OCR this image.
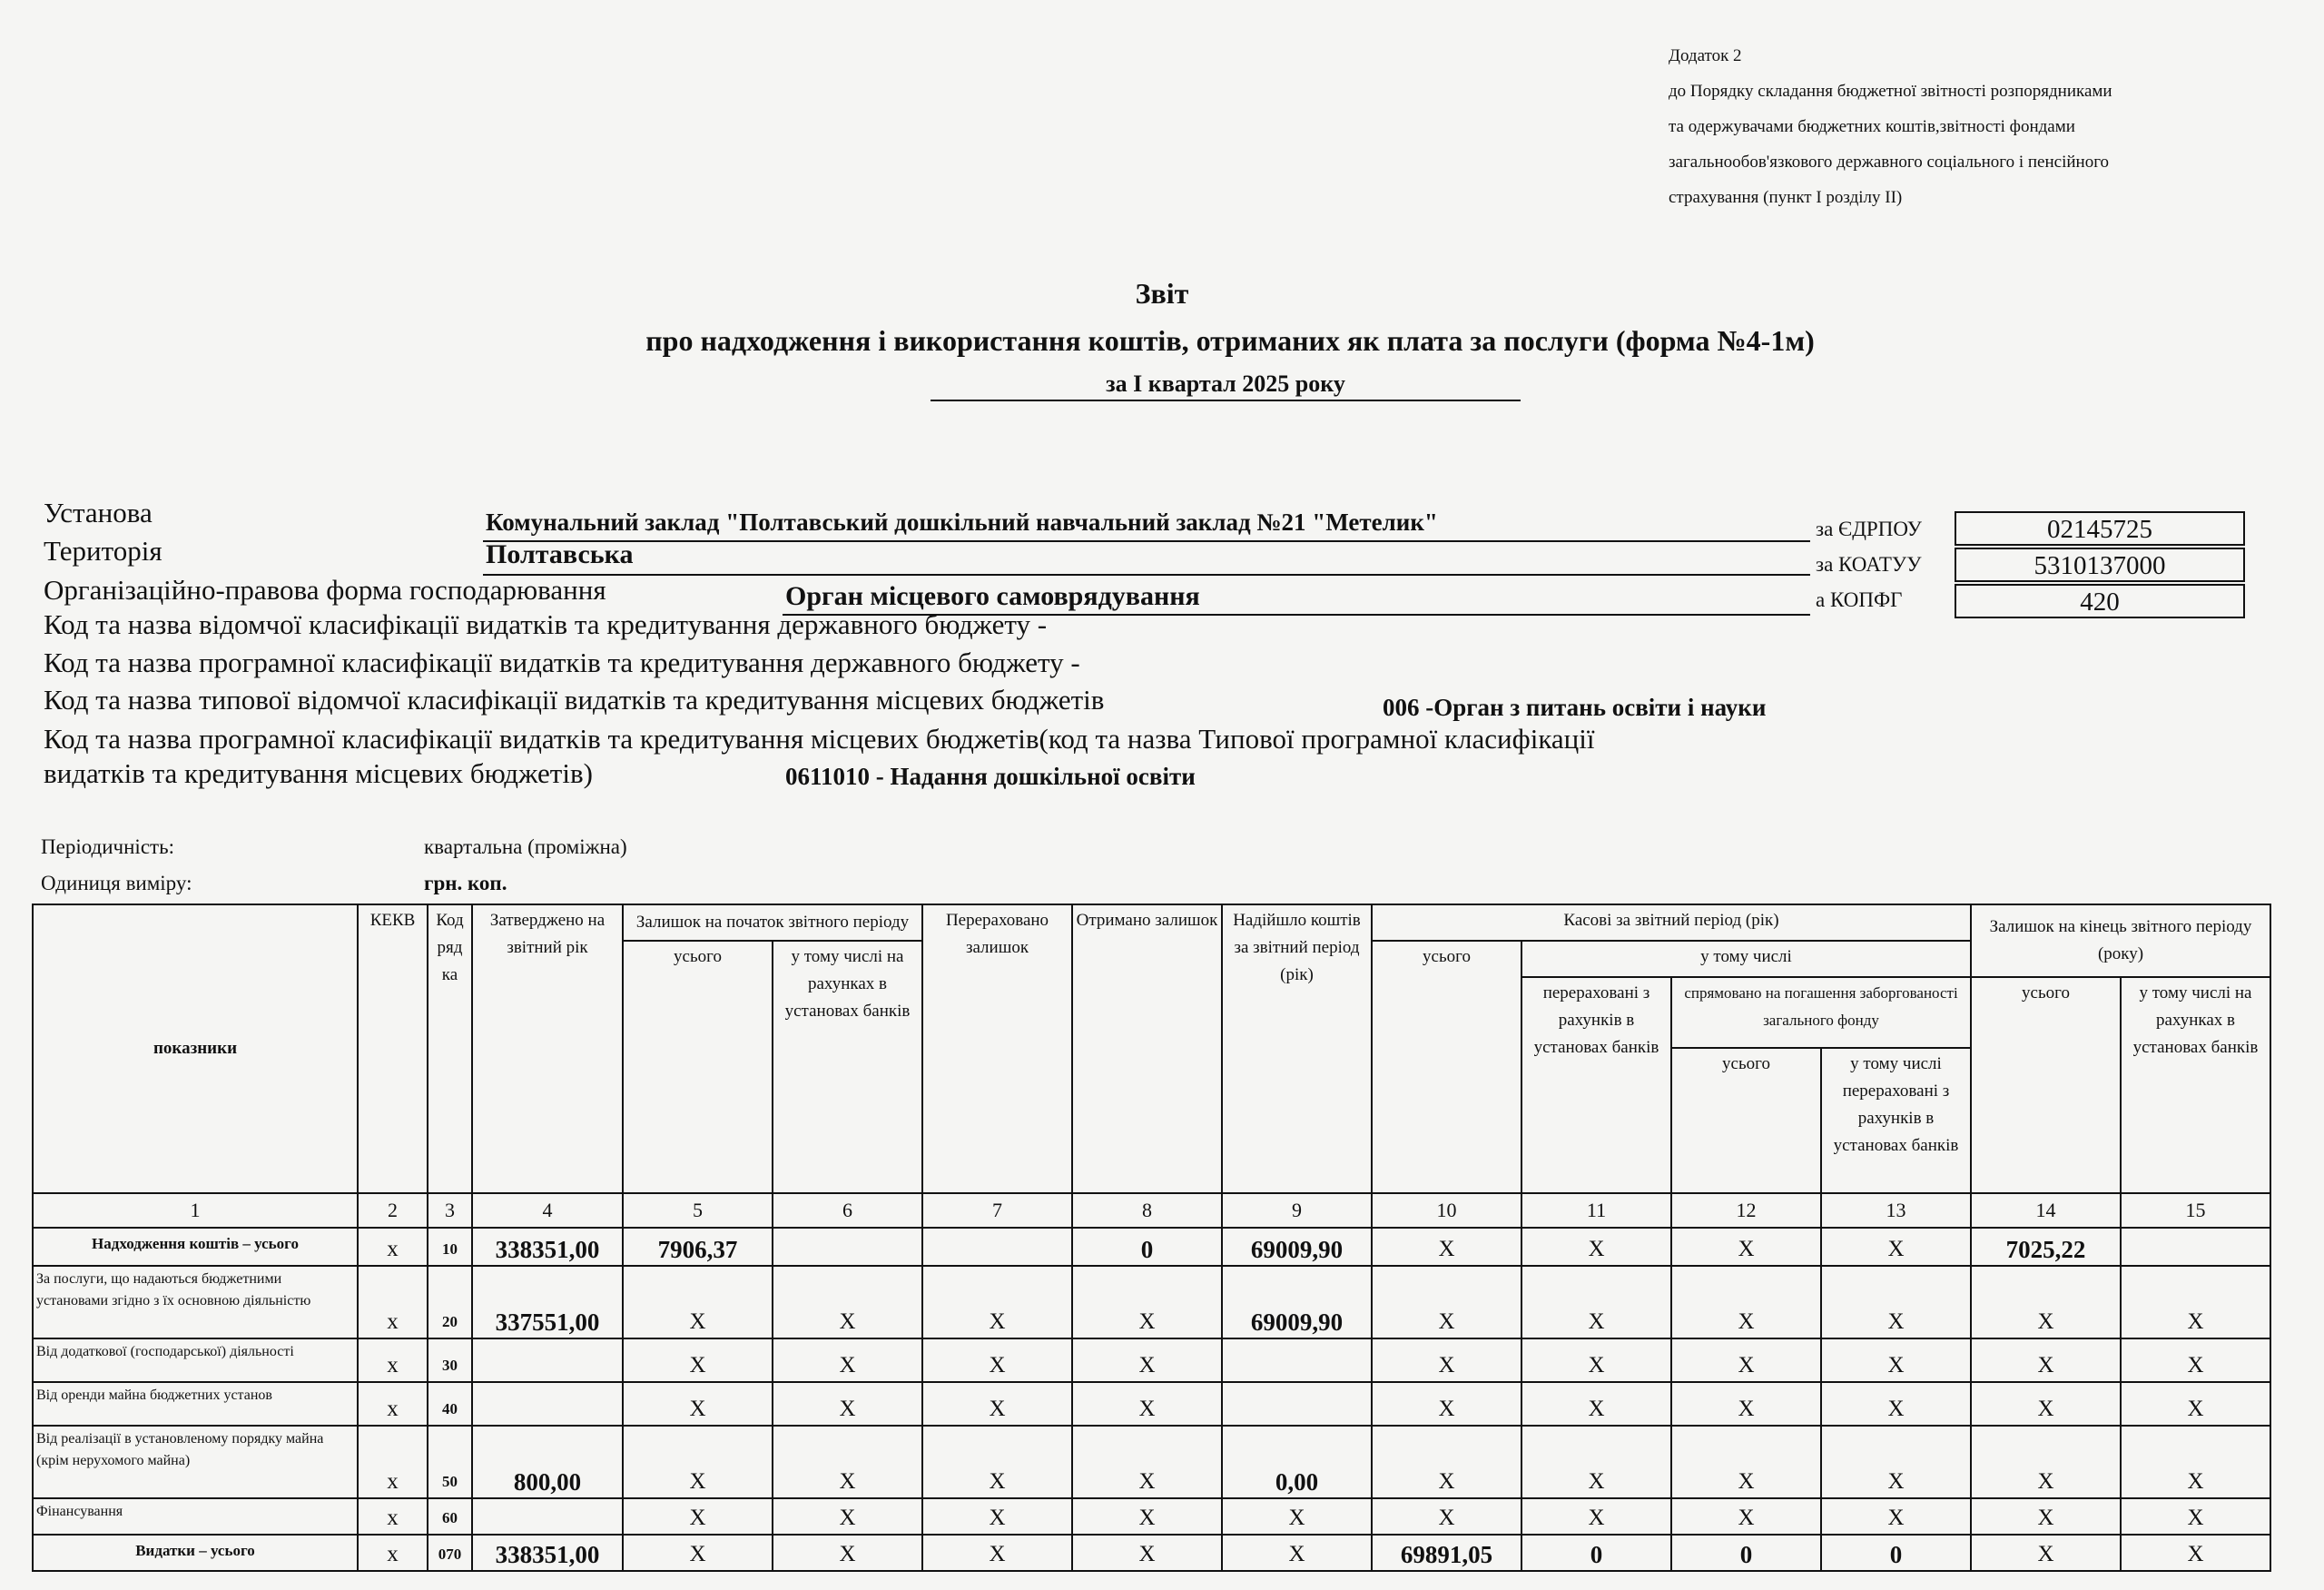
Додаток 2
до Порядку складання бюджетної звітності розпорядниками
та одержувачами бюджетних коштів,звітності фондами
загальнообов'язкового державного соціального і пенсійного
страхування (пункт I розділу II)
Звіт
про надходження і використання коштів, отриманих як плата за послуги (форма №4-1м)
за I квартал 2025 року
Установа	Комунальний заклад "Полтавський дошкільний навчальний заклад №21 "Метелик"
Територія	Полтавська
Організаційно-правова форма господарювання	Орган місцевого самоврядування
за ЄДРПОУ	02145725
за КОАТУУ	5310137000
а КОПФГ	420
Код та назва відомчої класифікації видатків та кредитування державного бюджету -
Код та назва програмної класифікації видатків та кредитування державного бюджету -
Код та назва типової відомчої класифікації видатків та кредитування місцевих бюджетів	006 -Орган з питань освіти і науки
Код та назва програмної класифікації видатків та кредитування місцевих бюджетів(код та назва Типової програмної класифікації
видатків та кредитування місцевих бюджетів)	0611010 - Надання дошкільної освіти
Періодичність:	квартальна (проміжна)
Одиниця виміру:	грн. коп.
показники	КЕКВ	Код ряд ка	Затверджено на звітний рік	Залишок на початок звітного періоду		Перераховано залишок	Отримано залишок	Надійшло коштів за звітний період (рік)	Касові за звітний період (рік)				Залишок на кінець звітного періоду (року)	
				усього	у тому числі на рахунках в установах банків				усього	у тому числі				
										перераховані з рахунків в установах банків	спрямовано на погашення заборгованості загального фонду		усього	у тому числі на рахунках в установах банків
											усього	у тому числі перераховані з рахунків в установах банків		
1	2	3	4	5	6	7	8	9	10	11	12	13	14	15
Надходження коштів – усього	х	10	338351,00	7906,37			0	69009,90	Х	Х	Х	Х	7025,22	
За послуги, що надаються бюджетними установами згідно з їх основною діяльністю	х	20	337551,00	Х	Х	Х	Х	69009,90	Х	Х	Х	Х	Х	Х
Від додаткової (господарської) діяльності	х	30		Х	Х	Х	Х		Х	Х	Х	Х	Х	Х
Від оренди майна бюджетних установ	х	40		Х	Х	Х	Х		Х	Х	Х	Х	Х	Х
Від реалізації в установленому порядку майна (крім нерухомого майна)	х	50	800,00	Х	Х	Х	Х	0,00	Х	Х	Х	Х	Х	Х
Фінансування	х	60		Х	Х	Х	Х	Х	Х	Х	Х	Х	Х	Х
Видатки – усього	х	070	338351,00	Х	Х	Х	Х	Х	69891,05	0	0	0	Х	Х
